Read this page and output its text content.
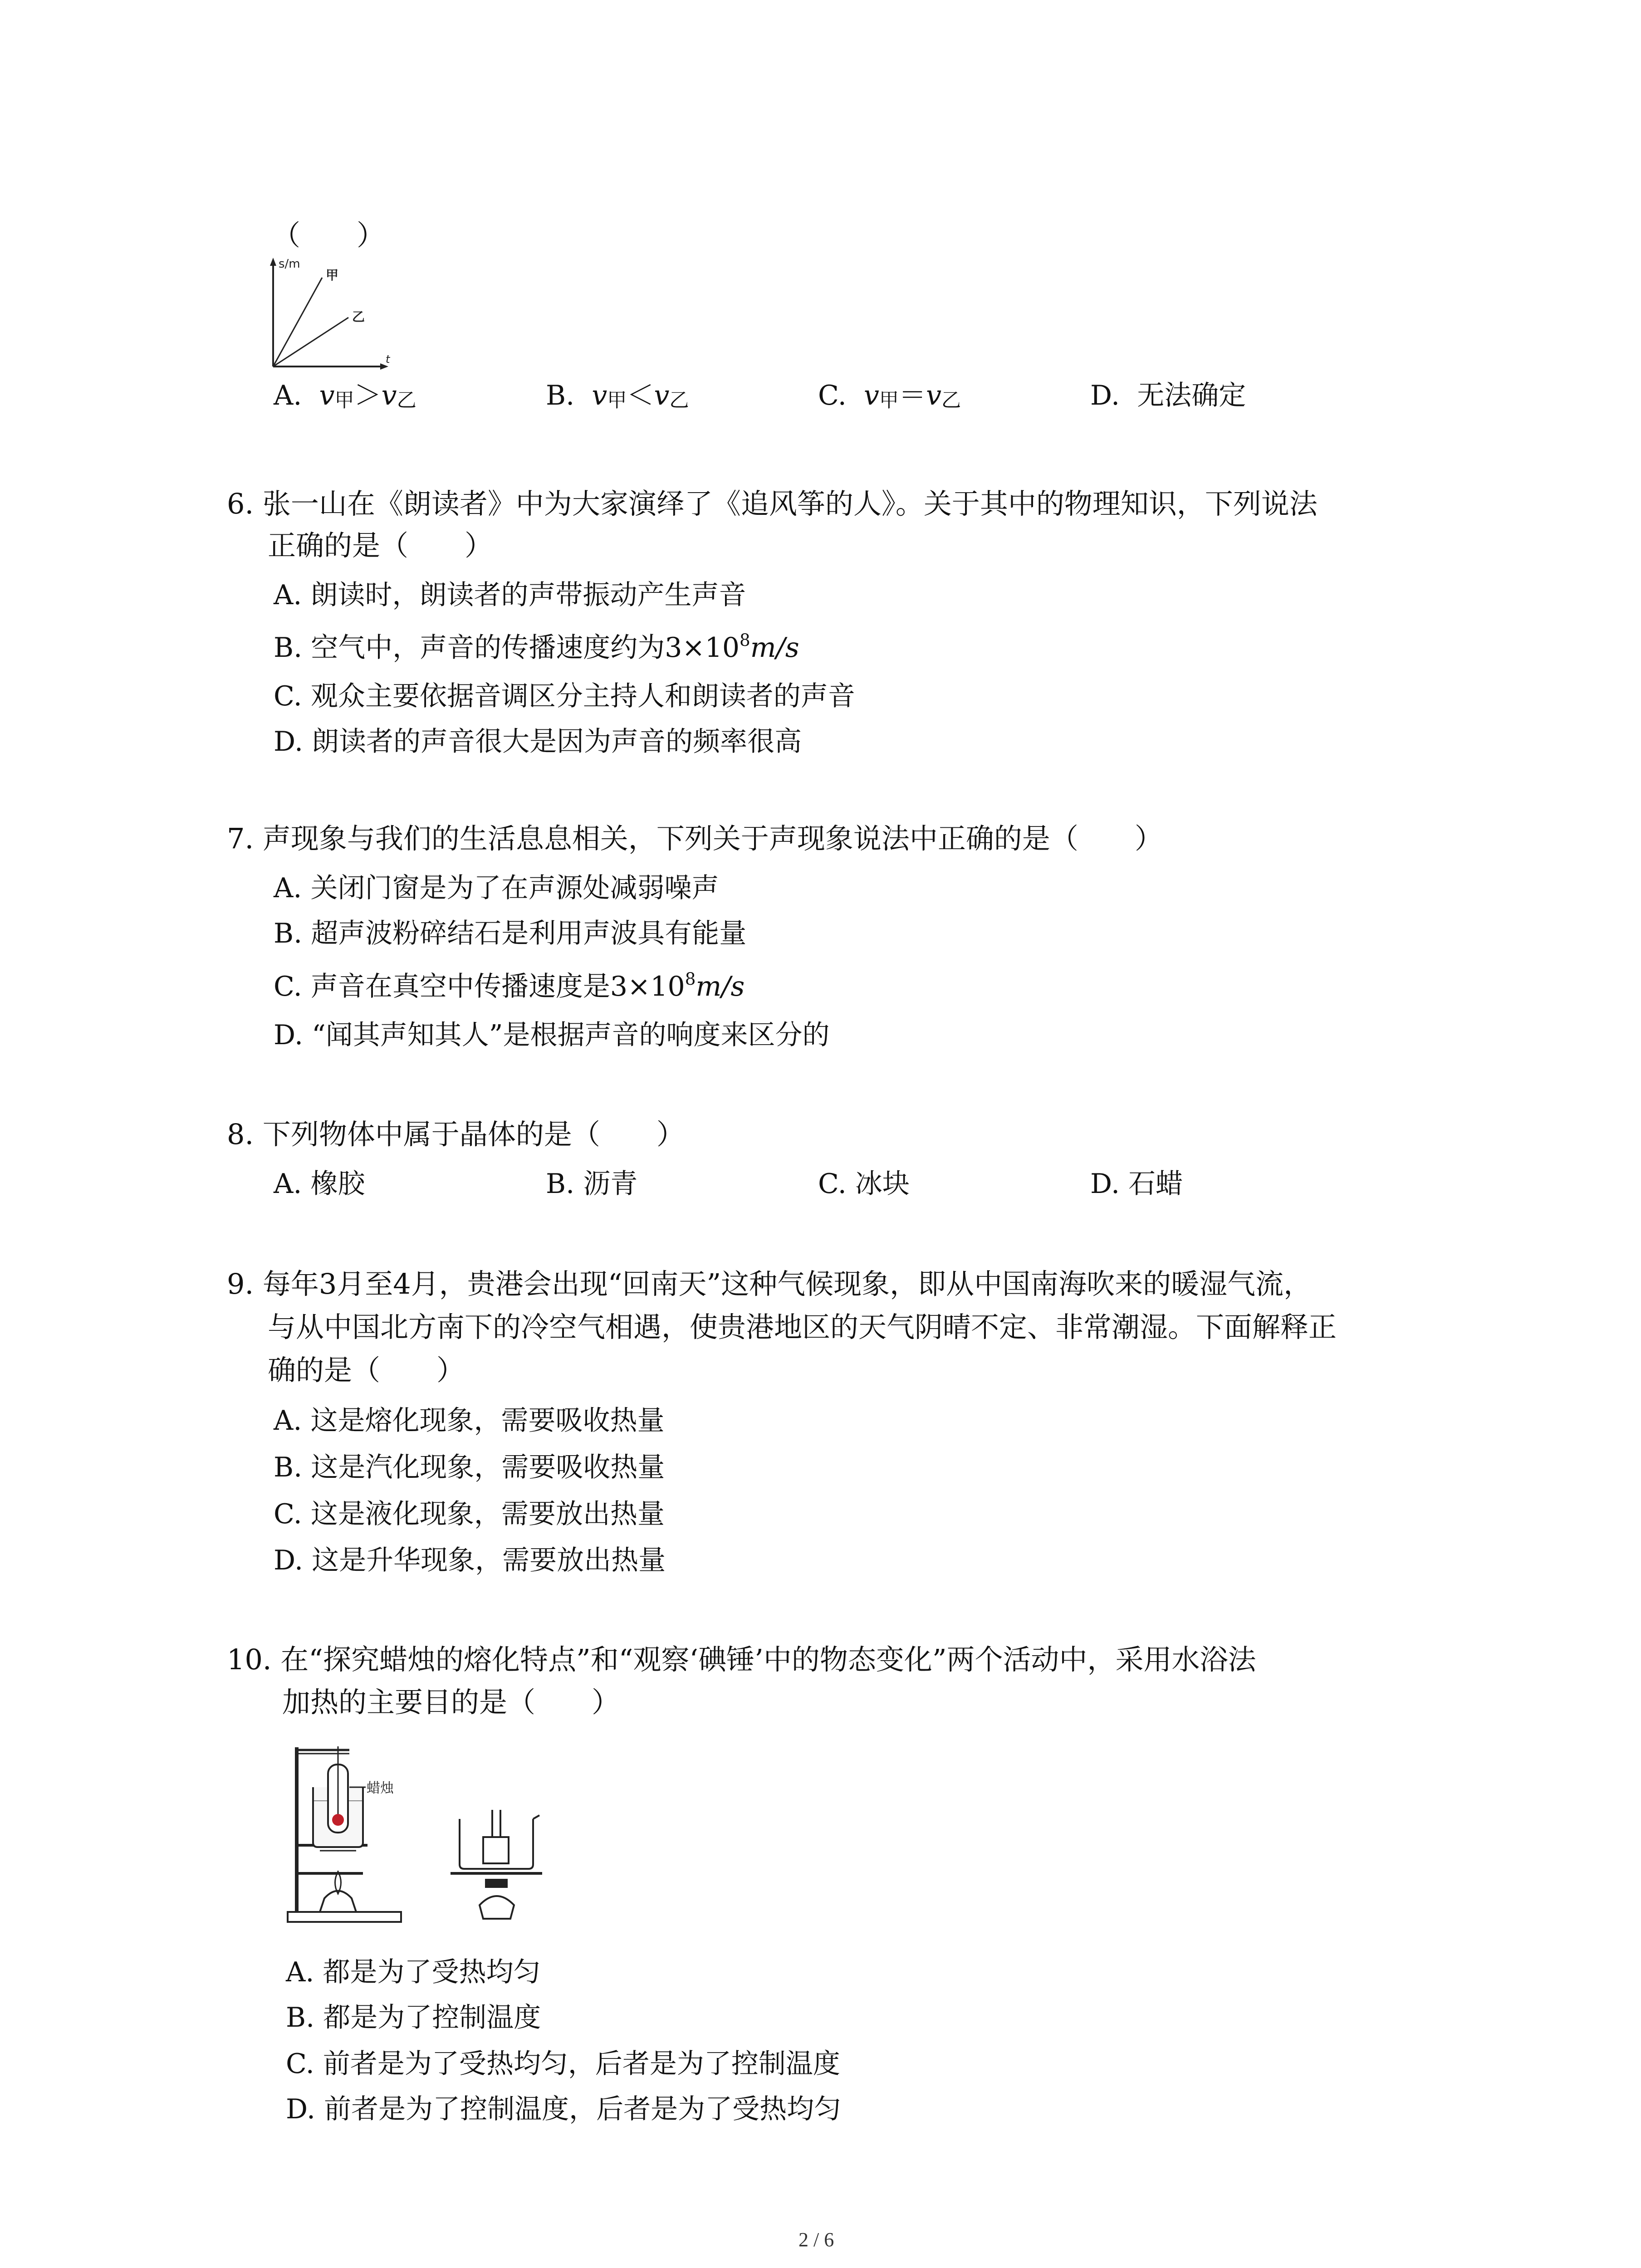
（　　）
s/m
t
甲
乙
A. $v_甲>v_乙$	B. $v_甲<v_乙$	C. $v_甲=v_乙$	D. 无法确定
6. 张一山在《朗读者》中为大家演绎了《追风筝的人》。关于其中的物理知识，下列说法
正确的是（　　）
A. 朗读时，朗读者的声带振动产生声音
B. 空气中，声音的传播速度约为$3\times 10^8m/s$
C. 观众主要依据音调区分主持人和朗读者的声音
D. 朗读者的声音很大是因为声音的频率很高
7. 声现象与我们的生活息息相关，下列关于声现象说法中正确的是（　　）
A. 关闭门窗是为了在声源处减弱噪声
B. 超声波粉碎结石是利用声波具有能量
C. 声音在真空中传播速度是$3\times 10^8m/s$
D. “闻其声知其人”是根据声音的响度来区分的
8. 下列物体中属于晶体的是（　　）
A. 橡胶	B. 沥青	C. 冰块	D. 石蜡
9. 每年3月至4月，贵港会出现“回南天”这种气候现象，即从中国南海吹来的暖湿气流，
与从中国北方南下的冷空气相遇，使贵港地区的天气阴晴不定、非常潮湿。下面解释正
确的是（　　）
A. 这是熔化现象，需要吸收热量
B. 这是汽化现象，需要吸收热量
C. 这是液化现象，需要放出热量
D. 这是升华现象，需要放出热量
10. 在“探究蜡烛的熔化特点”和“观察‘碘锤’中的物态变化”两个活动中，采用水浴法
加热的主要目的是（　　）
蜡烛
A. 都是为了受热均匀
B. 都是为了控制温度
C. 前者是为了受热均匀，后者是为了控制温度
D. 前者是为了控制温度，后者是为了受热均匀
2 / 6
